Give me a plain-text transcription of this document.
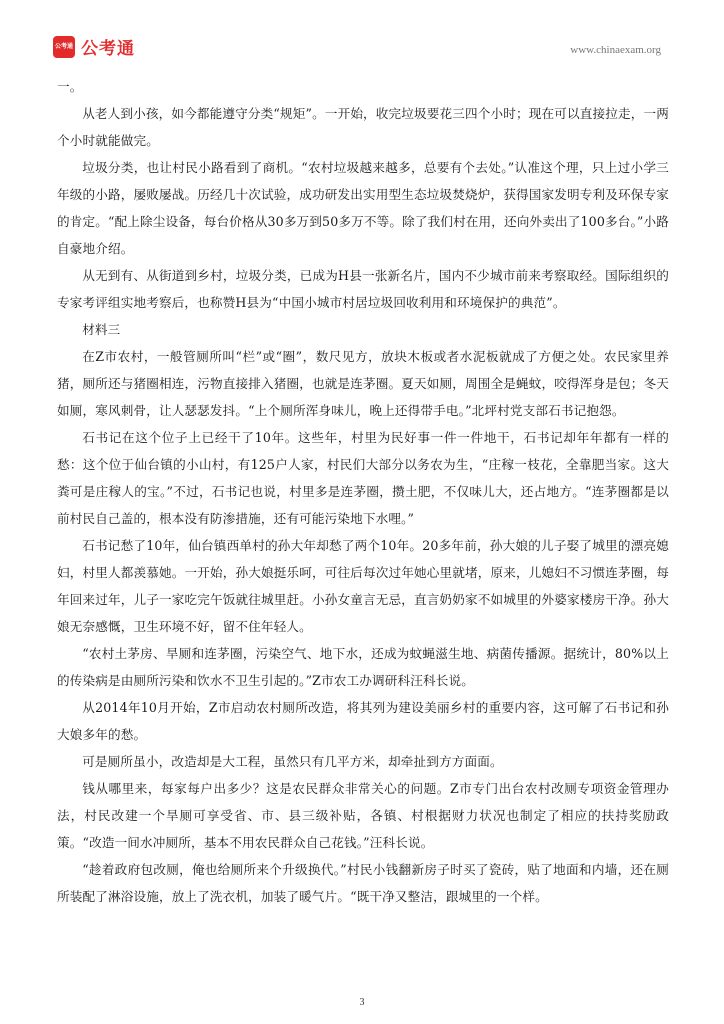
公考通 公考通	www.chinaexam.org

一。

从老人到小孩，如今都能遵守分类“规矩”。一开始，收完垃圾要花三四个小时；现在可以直接拉走，一两个小时就能做完。

垃圾分类，也让村民小路看到了商机。“农村垃圾越来越多，总要有个去处。”认准这个理，只上过小学三年级的小路，屡败屡战。历经几十次试验，成功研发出实用型生态垃圾焚烧炉，获得国家发明专利及环保专家的肯定。“配上除尘设备，每台价格从30多万到50多万不等。除了我们村在用，还向外卖出了100多台。”小路自豪地介绍。

从无到有、从街道到乡村，垃圾分类，已成为H县一张新名片，国内不少城市前来考察取经。国际组织的专家考评组实地考察后，也称赞H县为“中国小城市村居垃圾回收利用和环境保护的典范”。

材料三

在Z市农村，一般管厕所叫“栏”或“圈”，数尺见方，放块木板或者水泥板就成了方便之处。农民家里养猪，厕所还与猪圈相连，污物直接排入猪圈，也就是连茅圈。夏天如厕，周围全是蝇蚊，咬得浑身是包；冬天如厕，寒风刺骨，让人瑟瑟发抖。“上个厕所浑身味儿，晚上还得带手电。”北坪村党支部石书记抱怨。

石书记在这个位子上已经干了10年。这些年，村里为民好事一件一件地干，石书记却年年都有一样的愁：这个位于仙台镇的小山村，有125户人家，村民们大部分以务农为生，“庄稼一枝花，全靠肥当家。这大粪可是庄稼人的宝。”不过，石书记也说，村里多是连茅圈，攒土肥，不仅味儿大，还占地方。“连茅圈都是以前村民自己盖的，根本没有防渗措施，还有可能污染地下水哩。”

石书记愁了10年，仙台镇西单村的孙大年却愁了两个10年。20多年前，孙大娘的儿子娶了城里的漂亮媳妇，村里人都羡慕她。一开始，孙大娘挺乐呵，可往后每次过年她心里就堵，原来，儿媳妇不习惯连茅圈，每年回来过年，儿子一家吃完午饭就往城里赶。小孙女童言无忌，直言奶奶家不如城里的外婆家楼房干净。孙大娘无奈感慨，卫生环境不好，留不住年轻人。

“农村土茅房、旱厕和连茅圈，污染空气、地下水，还成为蚊蝇滋生地、病菌传播源。据统计，80%以上的传染病是由厕所污染和饮水不卫生引起的。”Z市农工办调研科汪科长说。

从2014年10月开始，Z市启动农村厕所改造，将其列为建设美丽乡村的重要内容，这可解了石书记和孙大娘多年的愁。

可是厕所虽小，改造却是大工程，虽然只有几平方米，却牵扯到方方面面。

钱从哪里来，每家每户出多少？这是农民群众非常关心的问题。Z市专门出台农村改厕专项资金管理办法，村民改建一个旱厕可享受省、市、县三级补贴，各镇、村根据财力状况也制定了相应的扶持奖励政策。“改造一间水冲厕所，基本不用农民群众自己花钱。”汪科长说。

“趁着政府包改厕，俺也给厕所来个升级换代。”村民小钱翻新房子时买了瓷砖，贴了地面和内墙，还在厕所装配了淋浴设施，放上了洗衣机，加装了暖气片。“既干净又整洁，跟城里的一个样。

3
